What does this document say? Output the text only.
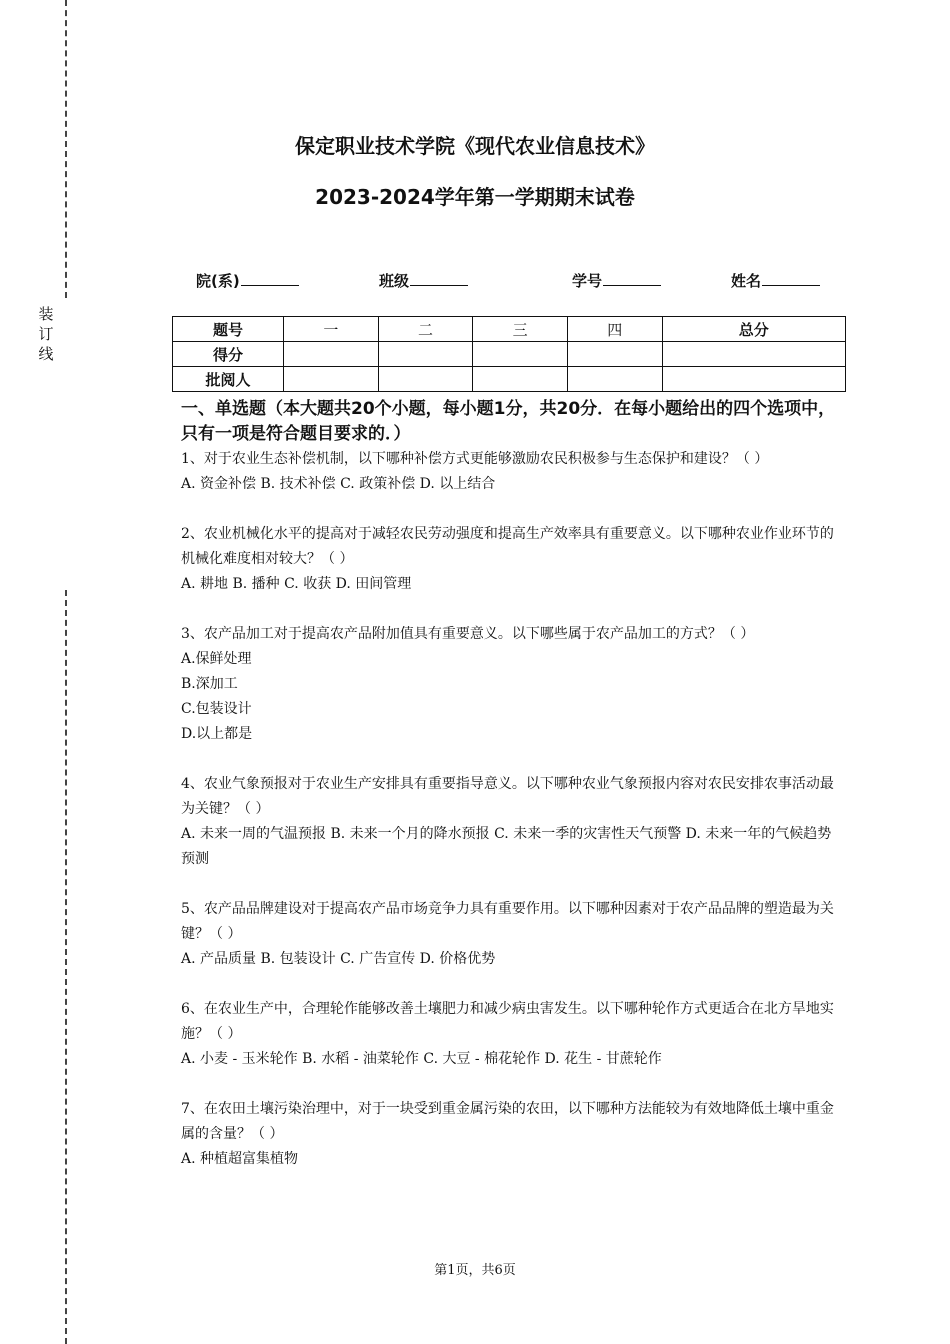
装订线
保定职业技术学院《现代农业信息技术》
2023-2024学年第一学期期末试卷
院(系)	班级	学号	姓名
题号	一	二	三	四	总分
得分					
批阅人					

一、单选题（本大题共20个小题，每小题1分，共20分．在每小题给出的四个选项中，只有一项是符合题目要求的．）

1、对于农业生态补偿机制，以下哪种补偿方式更能够激励农民积极参与生态保护和建设？（ ）

A. 资金补偿 B. 技术补偿 C. 政策补偿 D. 以上结合

2、农业机械化水平的提高对于减轻农民劳动强度和提高生产效率具有重要意义。以下哪种农业作业环节的机械化难度相对较大？（ ）

A. 耕地 B. 播种 C. 收获 D. 田间管理

3、农产品加工对于提高农产品附加值具有重要意义。以下哪些属于农产品加工的方式？（ ）

A.保鲜处理

B.深加工

C.包装设计

D.以上都是

4、农业气象预报对于农业生产安排具有重要指导意义。以下哪种农业气象预报内容对农民安排农事活动最为关键？（ ）

A. 未来一周的气温预报 B. 未来一个月的降水预报 C. 未来一季的灾害性天气预警 D. 未来一年的气候趋势预测

5、农产品品牌建设对于提高农产品市场竞争力具有重要作用。以下哪种因素对于农产品品牌的塑造最为关键？（ ）

A. 产品质量 B. 包装设计 C. 广告宣传 D. 价格优势

6、在农业生产中，合理轮作能够改善土壤肥力和减少病虫害发生。以下哪种轮作方式更适合在北方旱地实施？（ ）

A. 小麦 - 玉米轮作 B. 水稻 - 油菜轮作 C. 大豆 - 棉花轮作 D. 花生 - 甘蔗轮作

7、在农田土壤污染治理中，对于一块受到重金属污染的农田，以下哪种方法能较为有效地降低土壤中重金属的含量？（ ）

A. 种植超富集植物

第1页，共6页
